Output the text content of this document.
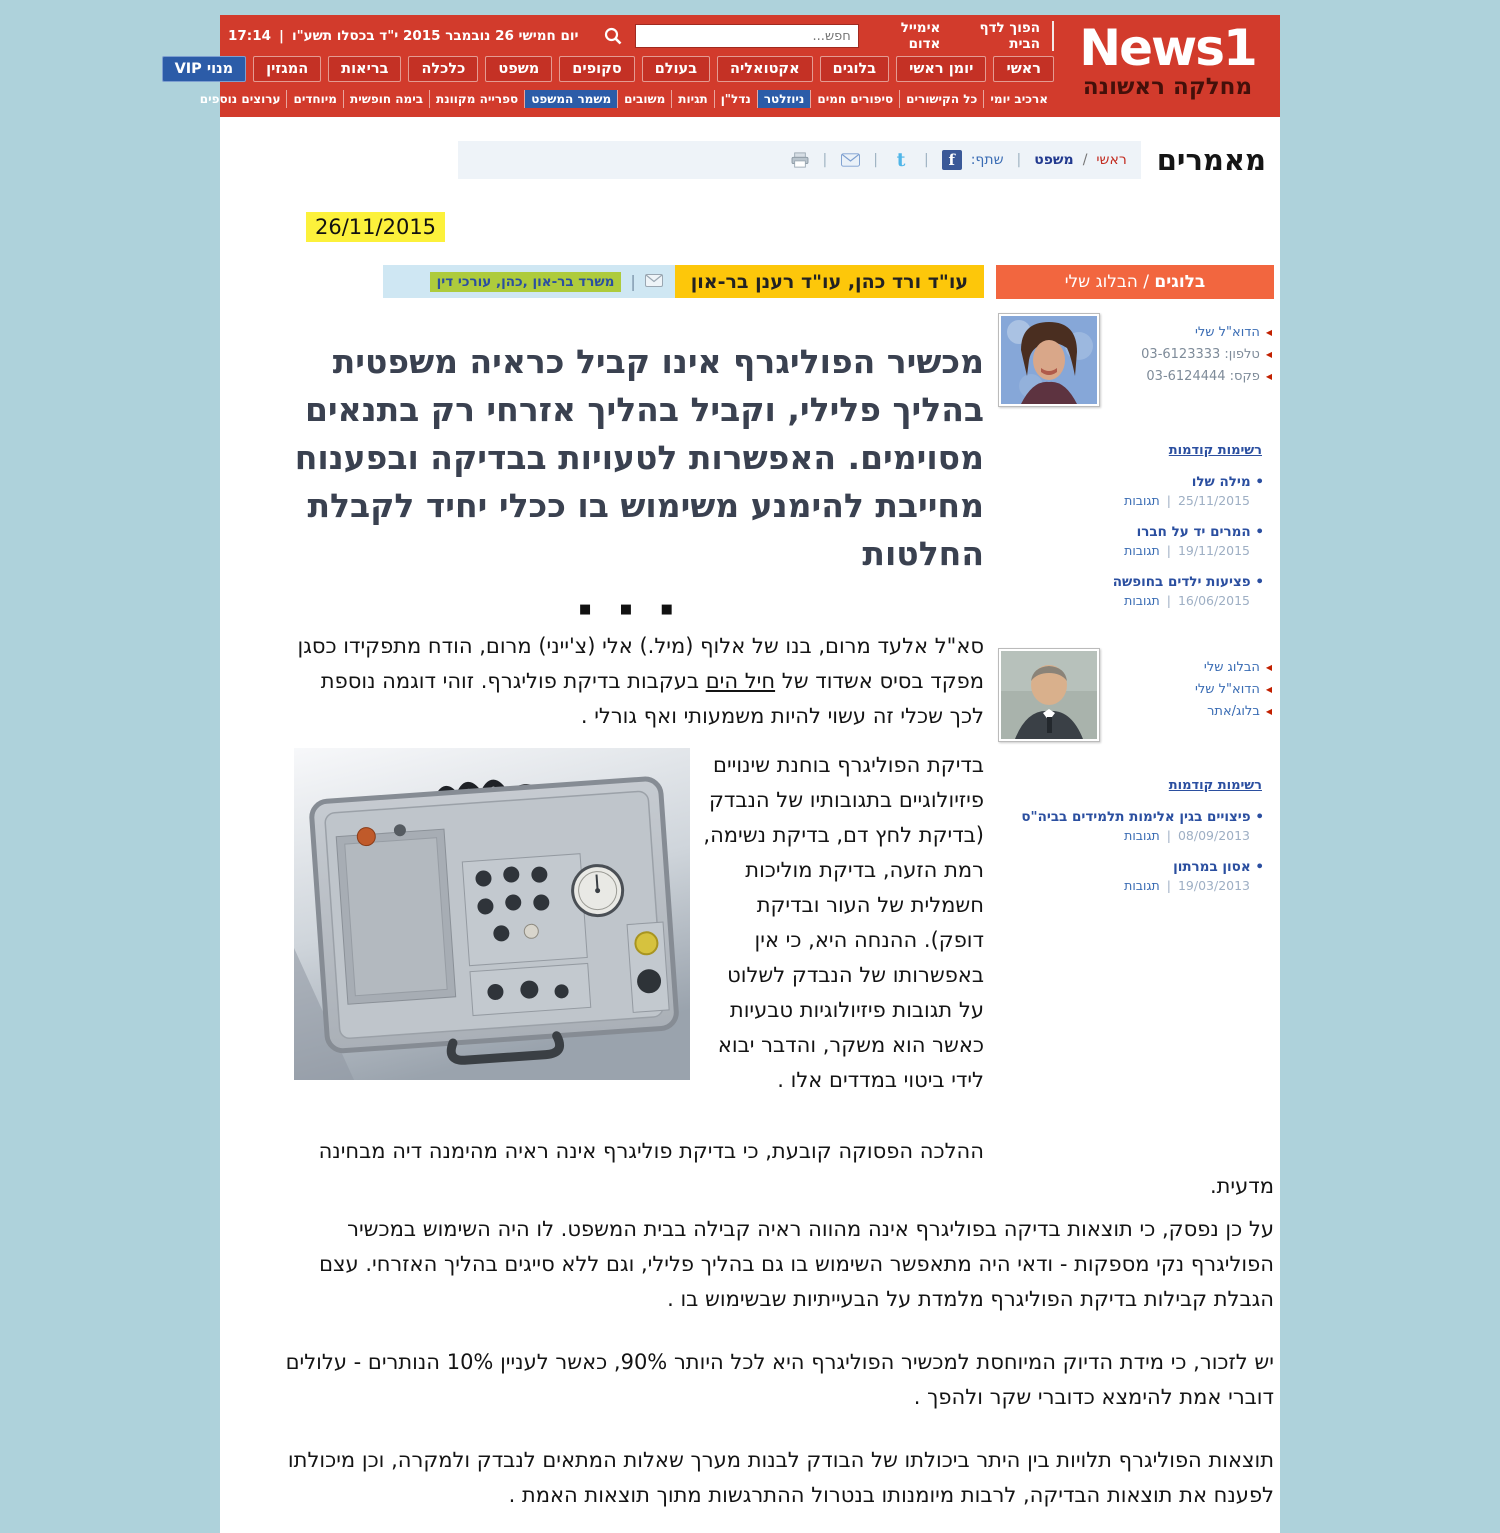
News1
מחלקה ראשונה
הפוך לדף הבית
אימייל אדום
חפש...
יום חמישי 26 נובמבר 2015 י"ד בכסלו תשע"ו
|
17:14
ראשי
יומן ראשי
בלוגים
אקטואליה
בעולם
סקופים
משפט
כלכלה
בריאות
המגזין
מנוי VIP
ארכיב יומי
כל הקישורים
סיפורים חמים
ניוזלטר
נדל"ן
תגיות
משובים
משמר המשפט
ספרייה מקוונת
בימה חופשית
מיוחדים
ערוצים נוספים
מאמרים
ראשי
/
משפט
|
שתף:
f
|
t
|
|
26/11/2015
בלוגים / הבלוג שלי
◀
הדוא"ל שלי
◀
טלפון: 03-6123333
◀
פקס: 03-6124444
רשימות קודמות
• מילה שלו
25/11/2015
|
תגובות
• המרים יד על חברו
19/11/2015
|
תגובות
• פציעות ילדים בחופשה
16/06/2015
|
תגובות
◀
הבלוג שלי
◀
הדוא"ל שלי
◀
בלוג/אתר
רשימות קודמות
• פיצויים בגין אלימות תלמידים בביה"ס
08/09/2013
|
תגובות
• אסון במרתון
19/03/2013
|
תגובות
עו"ד ורד כהן, עו"ד רענן בר-און
|
משרד בר-און ,כהן, עורכי דין
מכשיר הפוליגרף אינו קביל כראיה משפטית בהליך פלילי, וקביל בהליך אזרחי רק בתנאים מסוימים. האפשרות לטעויות בבדיקה ובפענוח מחייבת להימנע משימוש בו ככלי יחיד לקבלת החלטות
■ ■ ■

סא"ל אלעד מרום, בנו של אלוף (מיל.) אלי (צ'ייני) מרום, הודח מתפקידו כסגן מפקד בסיס אשדוד של חיל הים בעקבות בדיקת פוליגרף. זוהי דוגמה נוספת לכך שכלי זה עשוי להיות משמעותי ואף גורלי .

בדיקת הפוליגרף בוחנת שינויים פיזיולוגיים בתגובותיו של הנבדק (בדיקת לחץ דם, בדיקת נשימה, רמת הזעה, בדיקת מוליכות חשמלית של העור ובדיקת דופק). ההנחה היא, כי אין באפשרותו של הנבדק לשלוט על תגובות פיזיולוגיות טבעיות כאשר הוא משקר, והדבר יבוא לידי ביטוי במדדים אלו .

ההלכה הפסוקה קובעת, כי בדיקת פוליגרף אינה ראיה מהימנה דיה מבחינה מדעית.

על כן נפסק, כי תוצאות בדיקה בפוליגרף אינה מהווה ראיה קבילה בבית המשפט. לו היה השימוש במכשיר הפוליגרף נקי מספקות - ודאי היה מתאפשר השימוש בו גם בהליך פלילי, וגם ללא סייגים בהליך האזרחי. עצם הגבלת קבילות בדיקת הפוליגרף מלמדת על הבעייתיות שבשימוש בו .

יש לזכור, כי מידת הדיוק המיוחסת למכשיר הפוליגרף היא לכל היותר 90%, כאשר לעניין 10% הנותרים - עלולים דוברי אמת להימצא כדוברי שקר ולהפך .

תוצאות הפוליגרף תלויות בין היתר ביכולתו של הבודק לבנות מערך שאלות המתאים לנבדק ולמקרה, וכן מיכולתו לפענח את תוצאות הבדיקה, לרבות מיומנותו בנטרול ההתרגשות מתוך תוצאות האמת .
